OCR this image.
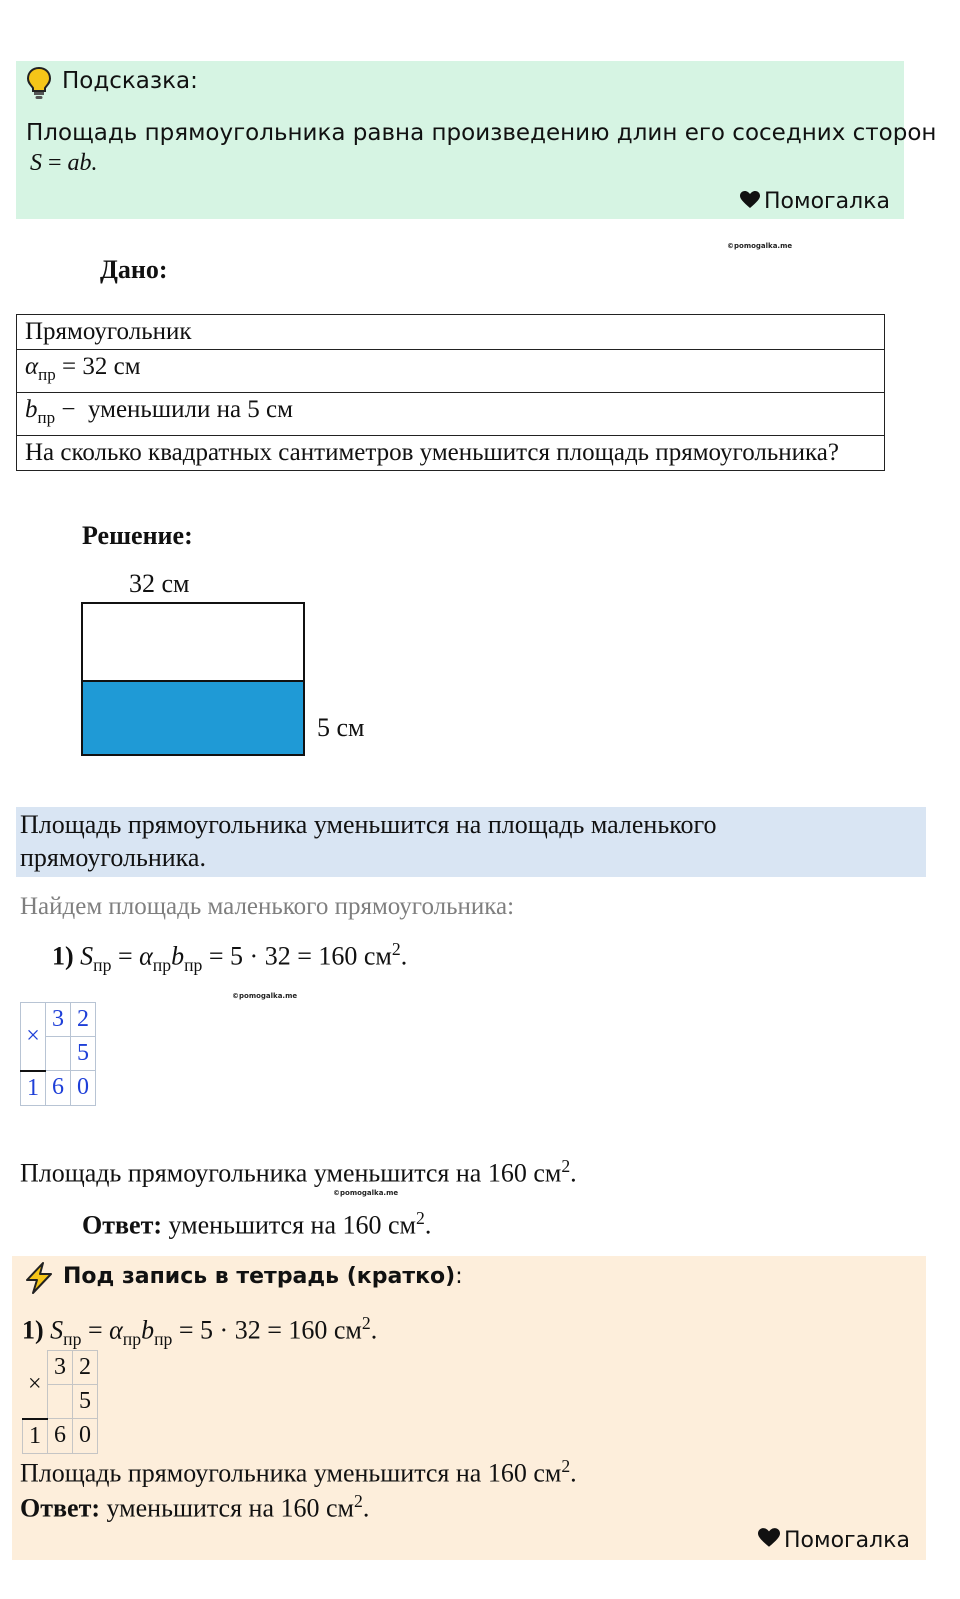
Подсказка:
Площадь прямоугольника равна произведению длин его соседних сторон
S = ab.
Помогалка
©pomogalka.me
Дано:
Прямоугольник
$\alpha_{пр} = 32$ см
$b_{пр}$ −  уменьшили на 5 см
На сколько квадратных сантиметров уменьшится площадь прямоугольника?
Решение:
32 см
5 см
Площадь прямоугольника уменьшится на площадь маленького прямоугольника.
Найдем площадь маленького прямоугольника:
1) $S_{пр} = \alpha_{пр}b_{пр} = 5 \cdot 32 = 160$ $см^2$.
©pomogalka.me
×	3	2
		5
1	6	0
Площадь прямоугольника уменьшится на 160 $см^2$.
©pomogalka.me
Ответ: уменьшится на 160 $см^2$.
Под запись в тетрадь (кратко):
1) $S_{пр} = \alpha_{пр}b_{пр} = 5 \cdot 32 = 160$ $см^2$.
×	3	2
		5
1	6	0
Площадь прямоугольника уменьшится на 160 $см^2$.
Ответ: уменьшится на 160 $см^2$.
Помогалка
